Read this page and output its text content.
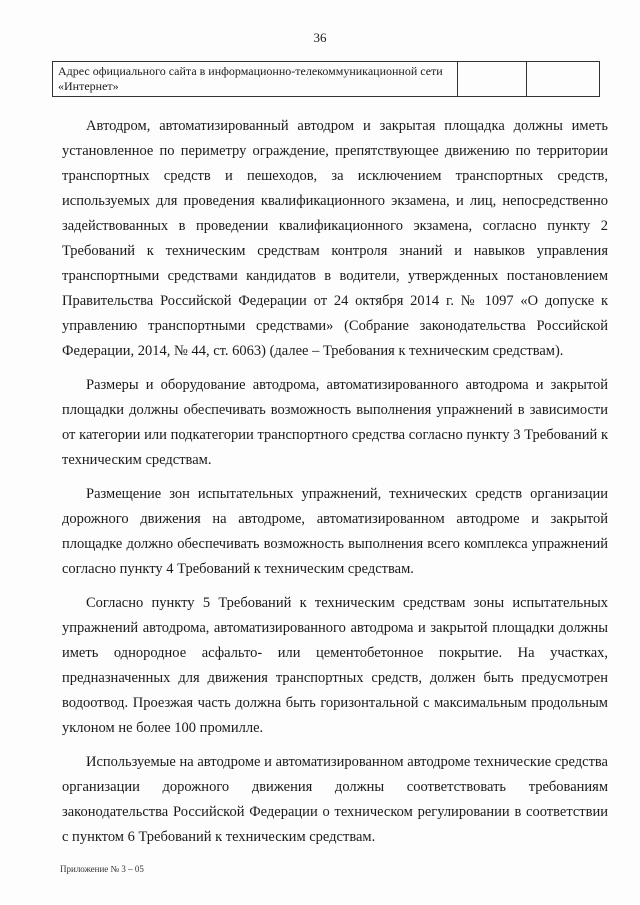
36
Адрес официального сайта в информационно-телекоммуникационной сети «Интернет»		

Автодром, автоматизированный автодром и закрытая площадка должны иметь установленное по периметру ограждение, препятствующее движению по территории транспортных средств и пешеходов, за исключением транспортных средств, используемых для проведения квалификационного экзамена, и лиц, непосредственно задействованных в проведении квалификационного экзамена, согласно пункту 2 Требований к техническим средствам контроля знаний и навыков управления транспортными средствами кандидатов в водители, утвержденных постановлением Правительства Российской Федерации от 24 октября 2014 г. № 1097 «О допуске к управлению транспортными средствами» (Собрание законодательства Российской Федерации, 2014, № 44, ст. 6063) (далее – Требования к техническим средствам).

Размеры и оборудование автодрома, автоматизированного автодрома и закрытой площадки должны обеспечивать возможность выполнения упражнений в зависимости от категории или подкатегории транспортного средства согласно пункту 3 Требований к техническим средствам.

Размещение зон испытательных упражнений, технических средств организации дорожного движения на автодроме, автоматизированном автодроме и закрытой площадке должно обеспечивать возможность выполнения всего комплекса упражнений согласно пункту 4 Требований к техническим средствам.

Согласно пункту 5 Требований к техническим средствам зоны испытательных упражнений автодрома, автоматизированного автодрома и закрытой площадки должны иметь однородное асфальто- или цементобетонное покрытие. На участках, предназначенных для движения транспортных средств, должен быть предусмотрен водоотвод. Проезжая часть должна быть горизонтальной с максимальным продольным уклоном не более 100 промилле.

Используемые на автодроме и автоматизированном автодроме технические средства организации дорожного движения должны соответствовать требованиям законодательства Российской Федерации о техническом регулировании в соответствии с пунктом 6 Требований к техническим средствам.

Приложение № 3 – 05
